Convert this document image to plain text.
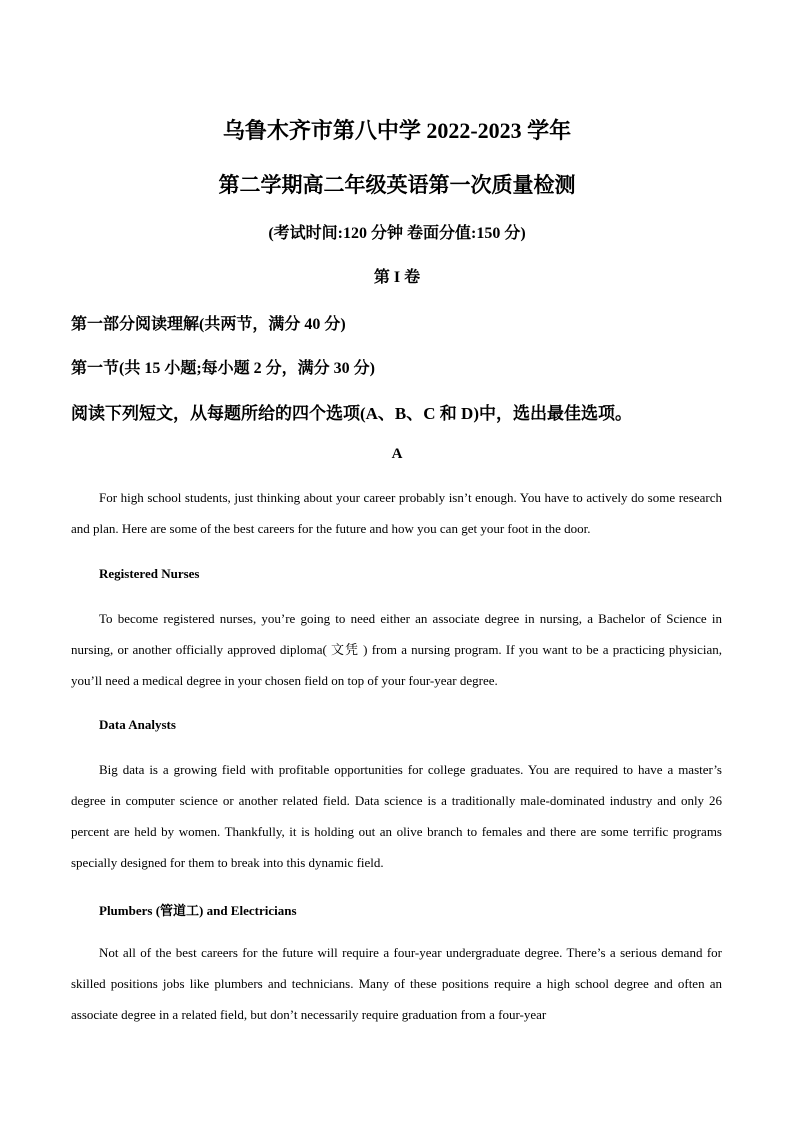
乌鲁木齐市第八中学 2022-2023 学年
第二学期高二年级英语第一次质量检测
(考试时间:120 分钟 卷面分值:150 分)
第 I 卷
第一部分阅读理解(共两节，满分 40 分)
第一节(共 15 小题;每小题 2 分，满分 30 分)
阅读下列短文，从每题所给的四个选项(A、B、C 和 D)中，选出最佳选项。
A

For high school students, just thinking about your career probably isn’t enough. You have to actively do some research and plan. Here are some of the best careers for the future and how you can get your foot in the door.

Registered Nurses

To become registered nurses, you’re going to need either an associate degree in nursing, a Bachelor of Science in nursing, or another officially approved diploma( 文凭 ) from a nursing program. If you want to be a practicing physician, you’ll need a medical degree in your chosen field on top of your four-year degree.

Data Analysts

Big data is a growing field with profitable opportunities for college graduates. You are required to have a master’s degree in computer science or another related field. Data science is a traditionally male-dominated industry and only 26 percent are held by women. Thankfully, it is holding out an olive branch to females and there are some terrific programs specially designed for them to break into this dynamic field.

Plumbers (管道工) and Electricians

Not all of the best careers for the future will require a four-year undergraduate degree. There’s a serious demand for skilled positions jobs like plumbers and technicians. Many of these positions require a high school degree and often an associate degree in a related field, but don’t necessarily require graduation from a four-year
